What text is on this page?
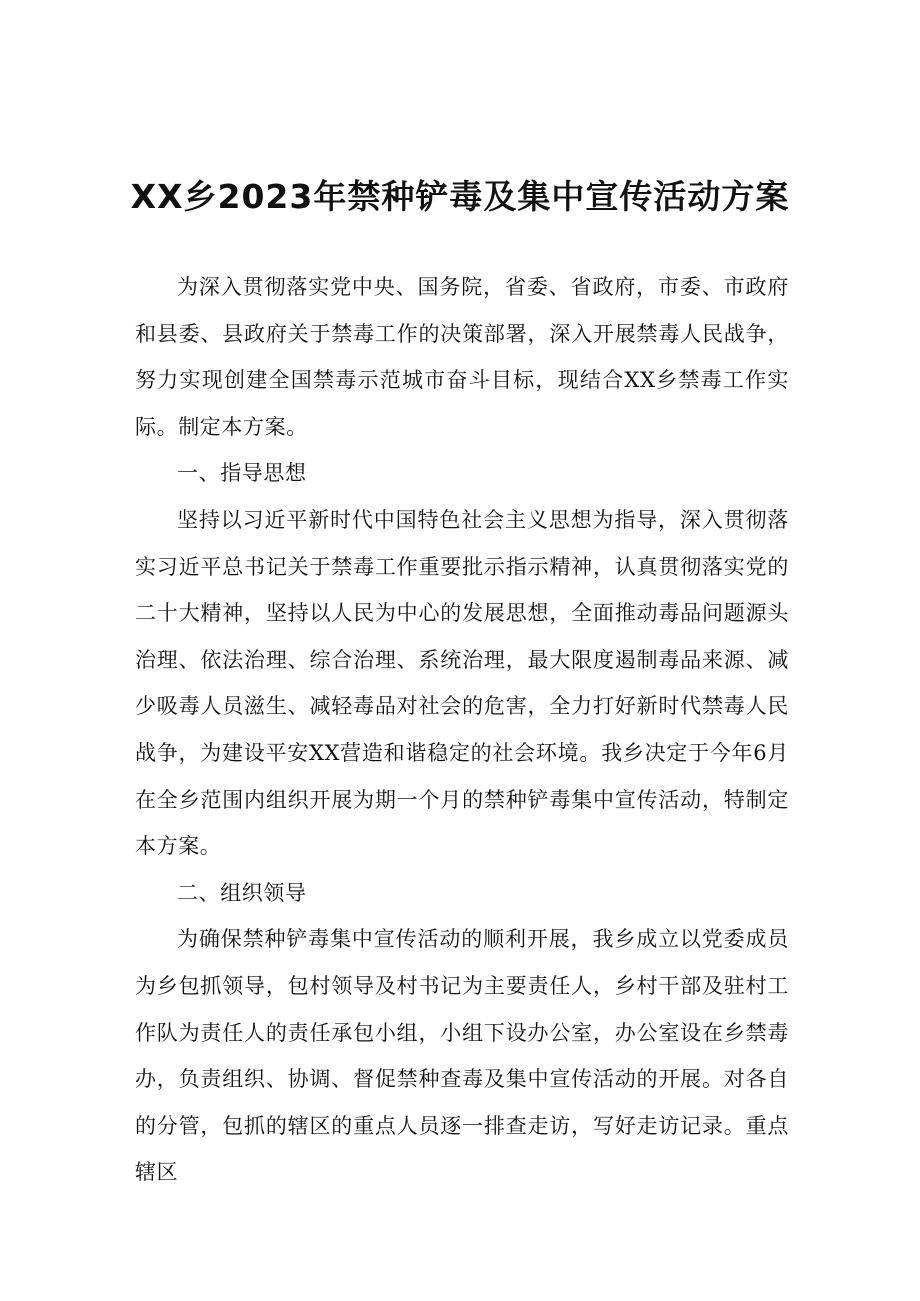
XX乡2023年禁种铲毒及集中宣传活动方案

为深入贯彻落实党中央、国务院，省委、省政府，市委、市政府和县委、县政府关于禁毒工作的决策部署，深入开展禁毒人民战争，努力实现创建全国禁毒示范城市奋斗目标，现结合XX乡禁毒工作实际。制定本方案。

一、指导思想

坚持以习近平新时代中国特色社会主义思想为指导，深入贯彻落实习近平总书记关于禁毒工作重要批示指示精神，认真贯彻落实党的二十大精神，坚持以人民为中心的发展思想，全面推动毒品问题源头治理、依法治理、综合治理、系统治理，最大限度遏制毒品来源、减少吸毒人员滋生、减轻毒品对社会的危害，全力打好新时代禁毒人民战争，为建设平安XX营造和谐稳定的社会环境。我乡决定于今年6月在全乡范围内组织开展为期一个月的禁种铲毒集中宣传活动，特制定本方案。

二、组织领导

为确保禁种铲毒集中宣传活动的顺利开展，我乡成立以党委成员为乡包抓领导，包村领导及村书记为主要责任人，乡村干部及驻村工作队为责任人的责任承包小组，小组下设办公室，办公室设在乡禁毒办，负责组织、协调、督促禁种查毒及集中宣传活动的开展。对各自的分管，包抓的辖区的重点人员逐一排查走访，写好走访记录。重点辖区
